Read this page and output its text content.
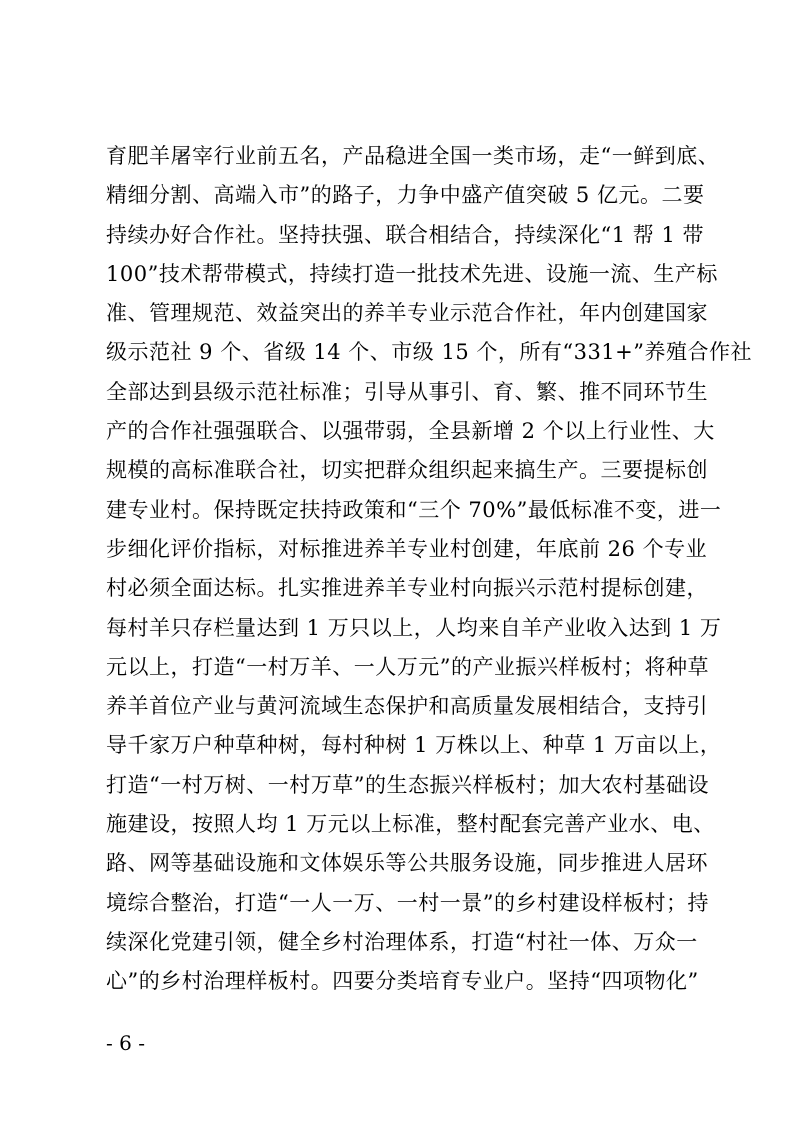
育肥羊屠宰行业前五名，产品稳进全国一类市场，走“一鲜到底、
精细分割、高端入市”的路子，力争中盛产值突破 5 亿元。二要
持续办好合作社。坚持扶强、联合相结合，持续深化“1 帮 1 带
100”技术帮带模式，持续打造一批技术先进、设施一流、生产标
准、管理规范、效益突出的养羊专业示范合作社，年内创建国家
级示范社 9 个、省级 14 个、市级 15 个，所有“331+”养殖合作社
全部达到县级示范社标准；引导从事引、育、繁、推不同环节生
产的合作社强强联合、以强带弱，全县新增 2 个以上行业性、大
规模的高标准联合社，切实把群众组织起来搞生产。三要提标创
建专业村。保持既定扶持政策和“三个 70%”最低标准不变，进一
步细化评价指标，对标推进养羊专业村创建，年底前 26 个专业
村必须全面达标。扎实推进养羊专业村向振兴示范村提标创建，
每村羊只存栏量达到 1 万只以上，人均来自羊产业收入达到 1 万
元以上，打造“一村万羊、一人万元”的产业振兴样板村；将种草
养羊首位产业与黄河流域生态保护和高质量发展相结合，支持引
导千家万户种草种树，每村种树 1 万株以上、种草 1 万亩以上，
打造“一村万树、一村万草”的生态振兴样板村；加大农村基础设
施建设，按照人均 1 万元以上标准，整村配套完善产业水、电、
路、网等基础设施和文体娱乐等公共服务设施，同步推进人居环
境综合整治，打造“一人一万、一村一景”的乡村建设样板村；持
续深化党建引领，健全乡村治理体系，打造“村社一体、万众一
心”的乡村治理样板村。四要分类培育专业户。坚持“四项物化”
- 6 -
